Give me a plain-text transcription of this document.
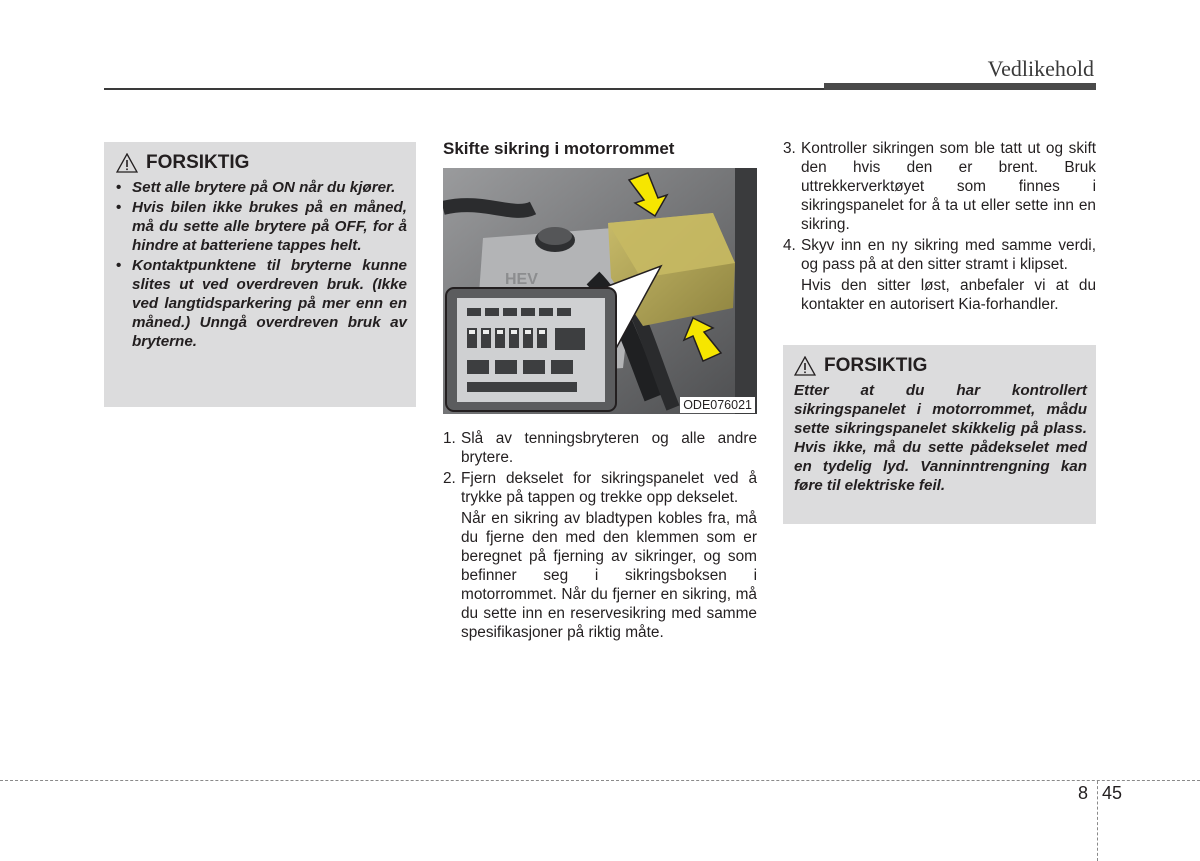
Vedlikehold
FORSIKTIG
• Sett alle brytere på ON når du kjører.
• Hvis bilen ikke brukes på en måned, må du sette alle brytere på OFF, for å hindre at batteriene tappes helt.
• Kontaktpunktene til bryterne kunne slites ut ved overdreven bruk. (Ikke ved langtidsparkering på mer enn en måned.) Unngå overdreven bruk av bryterne.
Skifte sikring i motorrommet
HEV
ODE076021
1. Slå av tenningsbryteren og alle andre brytere.
2. Fjern dekselet for sikringspanelet ved å trykke på tappen og trekke opp dekselet.
Når en sikring av bladtypen kobles fra, må du fjerne den med den klemmen som er beregnet på fjerning av sikringer, og som befinner seg i sikringsboksen i motorrommet. Når du fjerner en sikring, må du sette inn en reservesikring med samme spesifikasjoner på riktig måte.
3. Kontroller sikringen som ble tatt ut og skift den hvis den er brent. Bruk uttrekkerverktøyet som finnes i sikringspanelet for å ta ut eller sette inn en sikring.
4. Skyv inn en ny sikring med samme verdi, og pass på at den sitter stramt i klipset.
Hvis den sitter løst, anbefaler vi at du kontakter en autorisert Kia-forhandler.
FORSIKTIG
Etter at du har kontrollert sikringspanelet i motorrommet, mådu sette sikringspanelet skikkelig på plass. Hvis ikke, må du sette pådekselet med en tydelig lyd. Vanninntrengning kan føre til elektriske feil.
8 45
